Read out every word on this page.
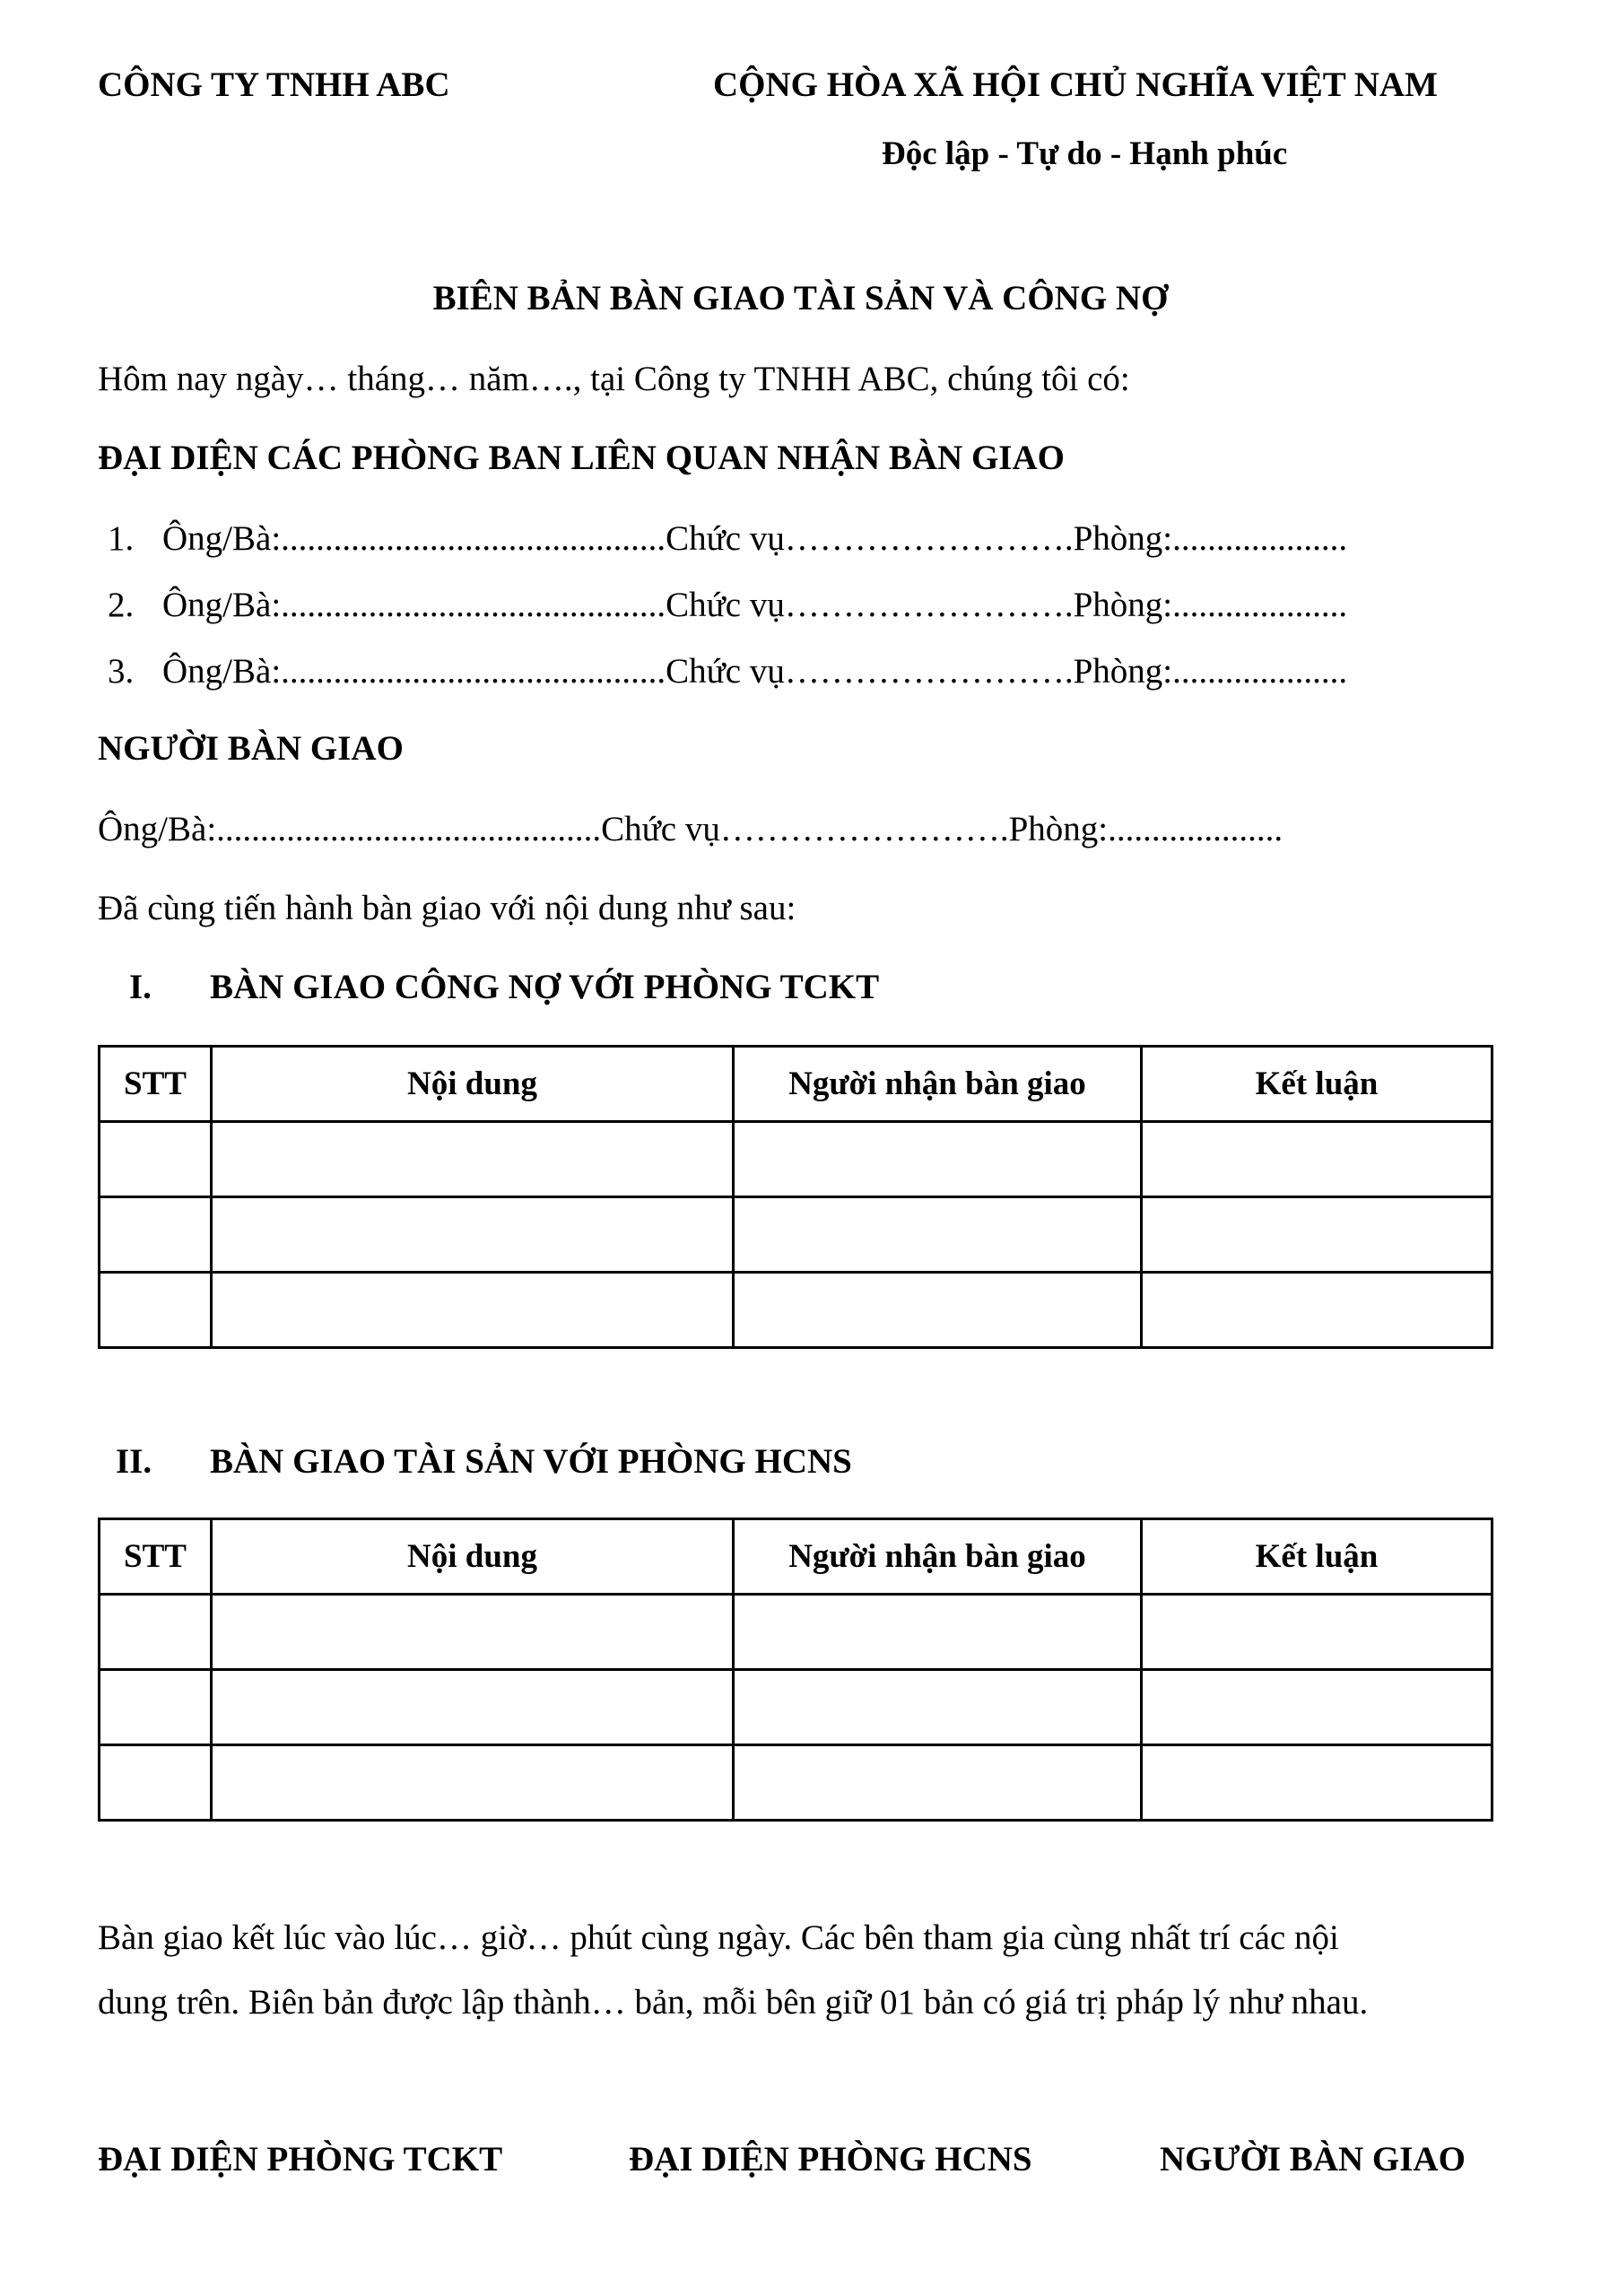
CÔNG TY TNHH ABC	CỘNG HÒA XÃ HỘI CHỦ NGHĨA VIỆT NAM
Độc lập - Tự do - Hạnh phúc
BIÊN BẢN BÀN GIAO TÀI SẢN VÀ CÔNG NỢ
Hôm nay ngày… tháng… năm…., tại Công ty TNHH ABC, chúng tôi có:
ĐẠI DIỆN CÁC PHÒNG BAN LIÊN QUAN NHẬN BÀN GIAO
1. Ông/Bà:............................................Chức vụ…………………….Phòng:....................
2. Ông/Bà:............................................Chức vụ…………………….Phòng:....................
3. Ông/Bà:............................................Chức vụ…………………….Phòng:....................
NGƯỜI BÀN GIAO
Ông/Bà:............................................Chức vụ…………………….Phòng:....................
Đã cùng tiến hành bàn giao với nội dung như sau:
I. BÀN GIAO CÔNG NỢ VỚI PHÒNG TCKT
STT	Nội dung	Người nhận bàn giao	Kết luận

II. BÀN GIAO TÀI SẢN VỚI PHÒNG HCNS
STT	Nội dung	Người nhận bàn giao	Kết luận

Bàn giao kết lúc vào lúc… giờ… phút cùng ngày. Các bên tham gia cùng nhất trí các nội
dung trên. Biên bản được lập thành… bản, mỗi bên giữ 01 bản có giá trị pháp lý như nhau.
ĐẠI DIỆN PHÒNG TCKT	ĐẠI DIỆN PHÒNG HCNS	NGƯỜI BÀN GIAO
